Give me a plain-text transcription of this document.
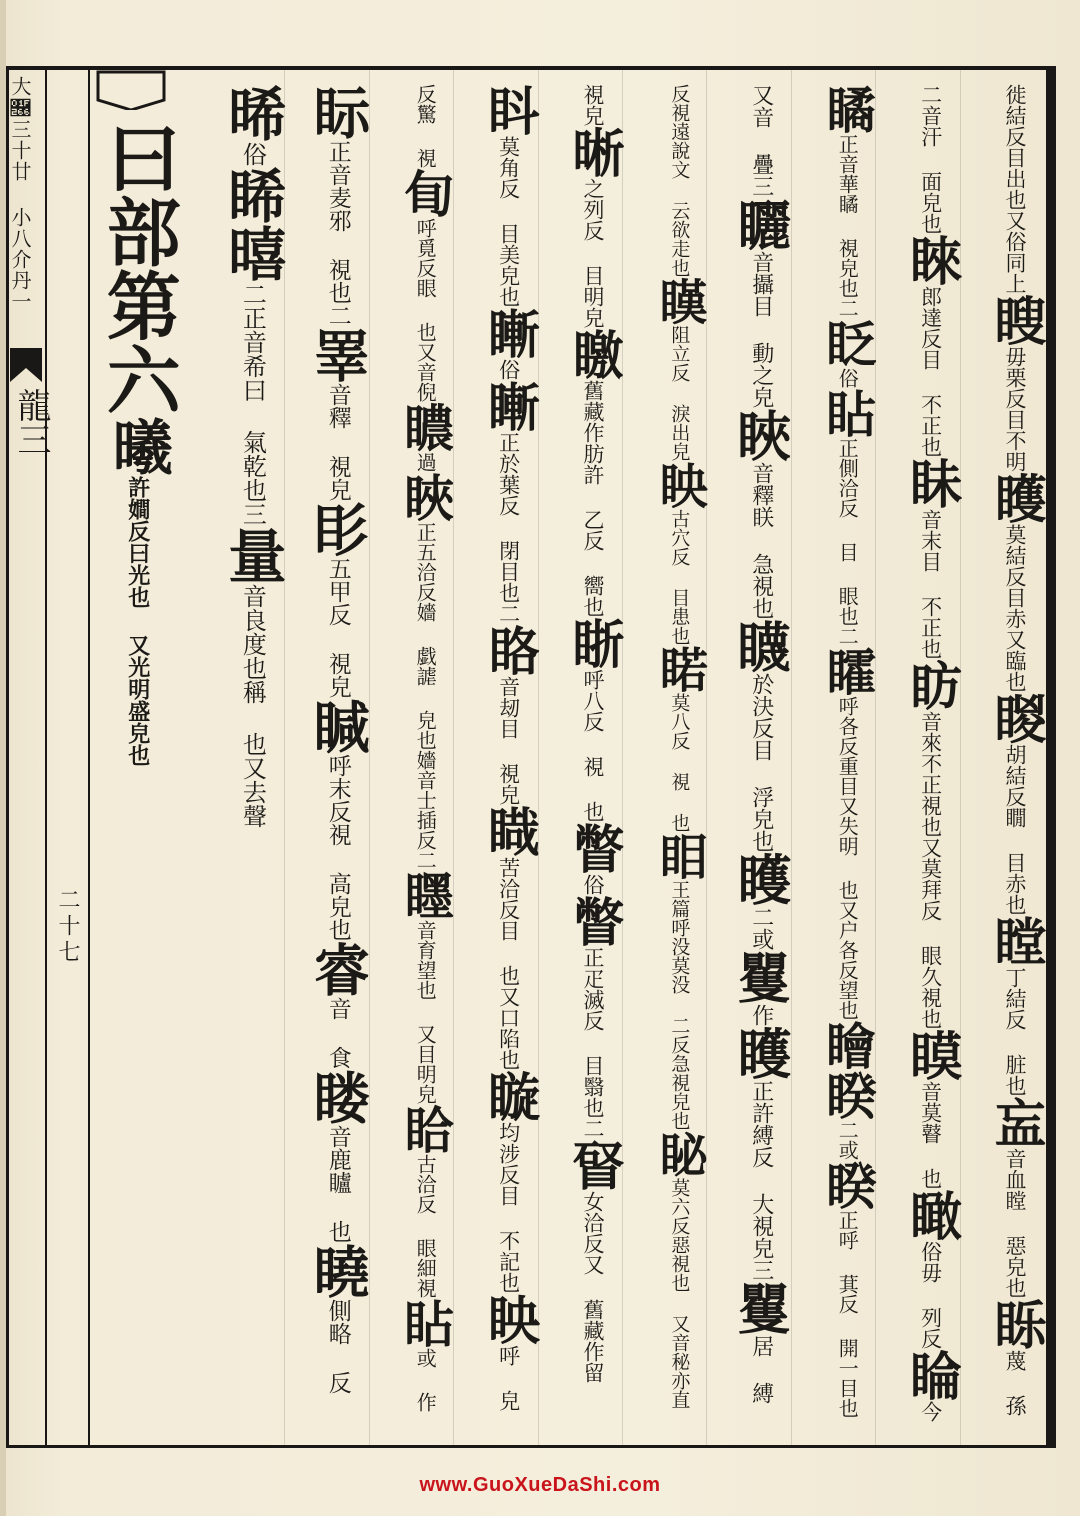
大🉦三十廿 小八介丹一
龍三
二十七
曰部第六曦許𡢃反曰光也 又光明盛皃也
徙結反目出也又俗同上瞍毋栗反目不明矆莫結反目赤又臨也䁓胡結反瞯 目赤也瞠丁結反 脏也衁音血瞠 惡皃也䀥蔑 孫
二音汗 面皃也睞郎達反目 不正也眛音末目 不正也眆音來不正視也又莫拜反 眼久視也瞙音莫瞽 也瞰俗毋 列反睔今
瞲正音華瞲 視皃也二眨俗䀡正側洽反 目 眼也二矐呼各反重目又失明 也又户各反望也瞺睽二或睽正呼 萁反 開一目也
又音 疊三矖音攝目 動之皃䀹音釋眹 急視也䁾於決反目 浮皃也矆二或矍作矆正許縛反 大視皃三矍居 縛
反視遠說文 云欲走也䁧阻立反 淚出皃眏古穴反 目患也睰莫八反 視 也䀠王篇呼没莫没 二反急視皃也䀣莫六反惡視也 又音秘亦直
視皃晰之列反 目明皃䁶舊藏作肪許 乙反 嚮也䀿呼八反 視 也瞥俗瞥正疋滅反 目翳也二䀾女洽反又 舊藏作留
䀞莫角反 目美皃也䁪俗䁪正於葉反 閉目也二䀩音刼目 視皃睵苦洽反目 也又口陷也䁢均涉反目 不記也眏呼 皃
反驚 視䀏呼覓反眼 也又音倪䁸過䀹正五洽反嬙 戯謔 皃也嬙音士插反二䁼音育望也 又目明皃䀫古洽反 眼細視䀡或 作
眎正音麦邪 視也二睪音釋 視皃䀐五甲反 視皃䁍呼末反視 高皃也睿音 食䁖音鹿矑 也䁱側略 反
晞俗睎暿二正音希曰 氣乾也三量音良度也稱 也又去聲
www.GuoXueDaShi.com
